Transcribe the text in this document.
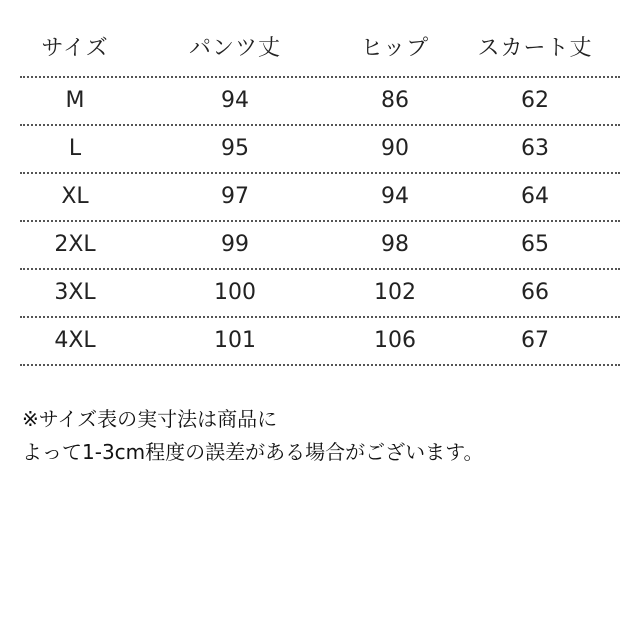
サイズ	パンツ丈	ヒップ	スカート丈
M	94	86	62
L	95	90	63
XL	97	94	64
2XL	99	98	65
3XL	100	102	66
4XL	101	106	67
※サイズ表の実寸法は商品に
よって1-3cm程度の誤差がある場合がございます。
